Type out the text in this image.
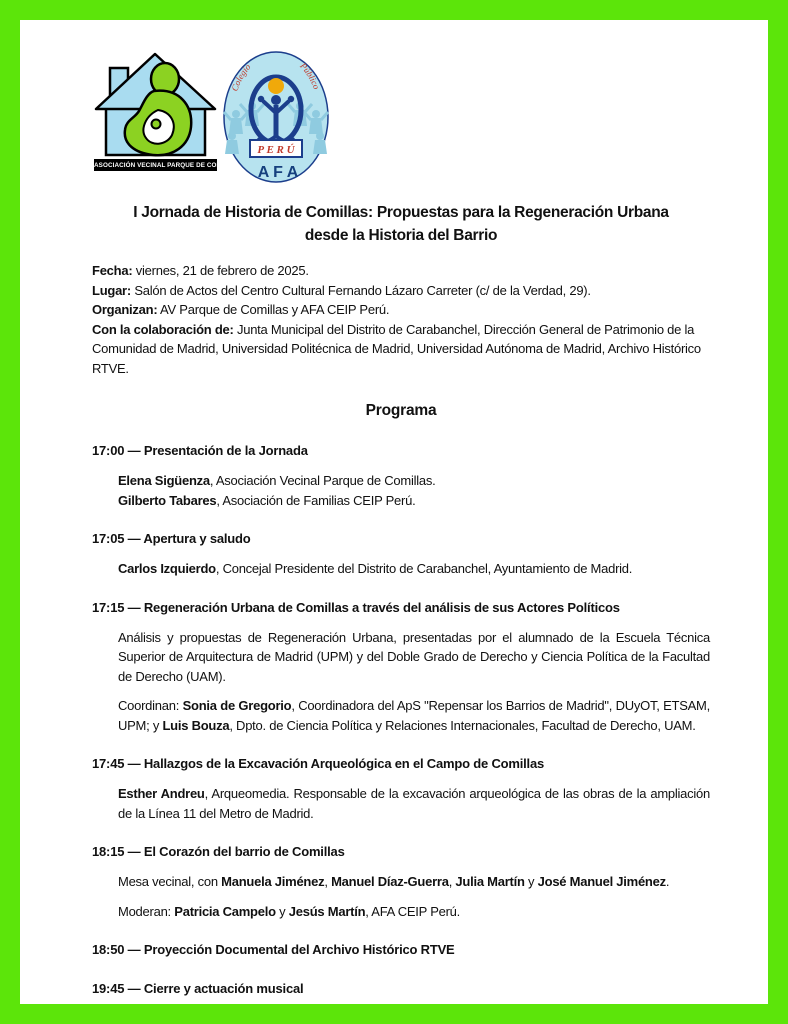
ASOCIACIÓN VECINAL PARQUE DE COMILLAS
P E R Ú
A F A
Colegio	Público
I Jornada de Historia de Comillas: Propuestas para la Regeneración Urbana
desde la Historia del Barrio

Fecha: viernes, 21 de febrero de 2025.

Lugar: Salón de Actos del Centro Cultural Fernando Lázaro Carreter (c/ de la Verdad, 29).

Organizan: AV Parque de Comillas y AFA CEIP Perú.

Con la colaboración de: Junta Municipal del Distrito de Carabanchel, Dirección General de Patrimonio de la Comunidad de Madrid, Universidad Politécnica de Madrid, Universidad Autónoma de Madrid, Archivo Histórico RTVE.

Programa

17:00 — Presentación de la Jornada

Elena Sigüenza, Asociación Vecinal Parque de Comillas.

Gilberto Tabares, Asociación de Familias CEIP Perú.

17:05 — Apertura y saludo

Carlos Izquierdo, Concejal Presidente del Distrito de Carabanchel, Ayuntamiento de Madrid.

17:15 — Regeneración Urbana de Comillas a través del análisis de sus Actores Políticos

Análisis y propuestas de Regeneración Urbana, presentadas por el alumnado de la Escuela Técnica Superior de Arquitectura de Madrid (UPM) y del Doble Grado de Derecho y Ciencia Política de la Facultad de Derecho (UAM).

Coordinan: Sonia de Gregorio, Coordinadora del ApS "Repensar los Barrios de Madrid", DUyOT, ETSAM, UPM; y Luis Bouza, Dpto. de Ciencia Política y Relaciones Internacionales, Facultad de Derecho, UAM.

17:45 — Hallazgos de la Excavación Arqueológica en el Campo de Comillas

Esther Andreu, Arqueomedia. Responsable de la excavación arqueológica de las obras de la ampliación de la Línea 11 del Metro de Madrid.

18:15 — El Corazón del barrio de Comillas

Mesa vecinal, con Manuela Jiménez, Manuel Díaz-Guerra, Julia Martín y José Manuel Jiménez.

Moderan: Patricia Campelo y Jesús Martín, AFA CEIP Perú.

18:50 — Proyección Documental del Archivo Histórico RTVE

19:45 — Cierre y actuación musical
